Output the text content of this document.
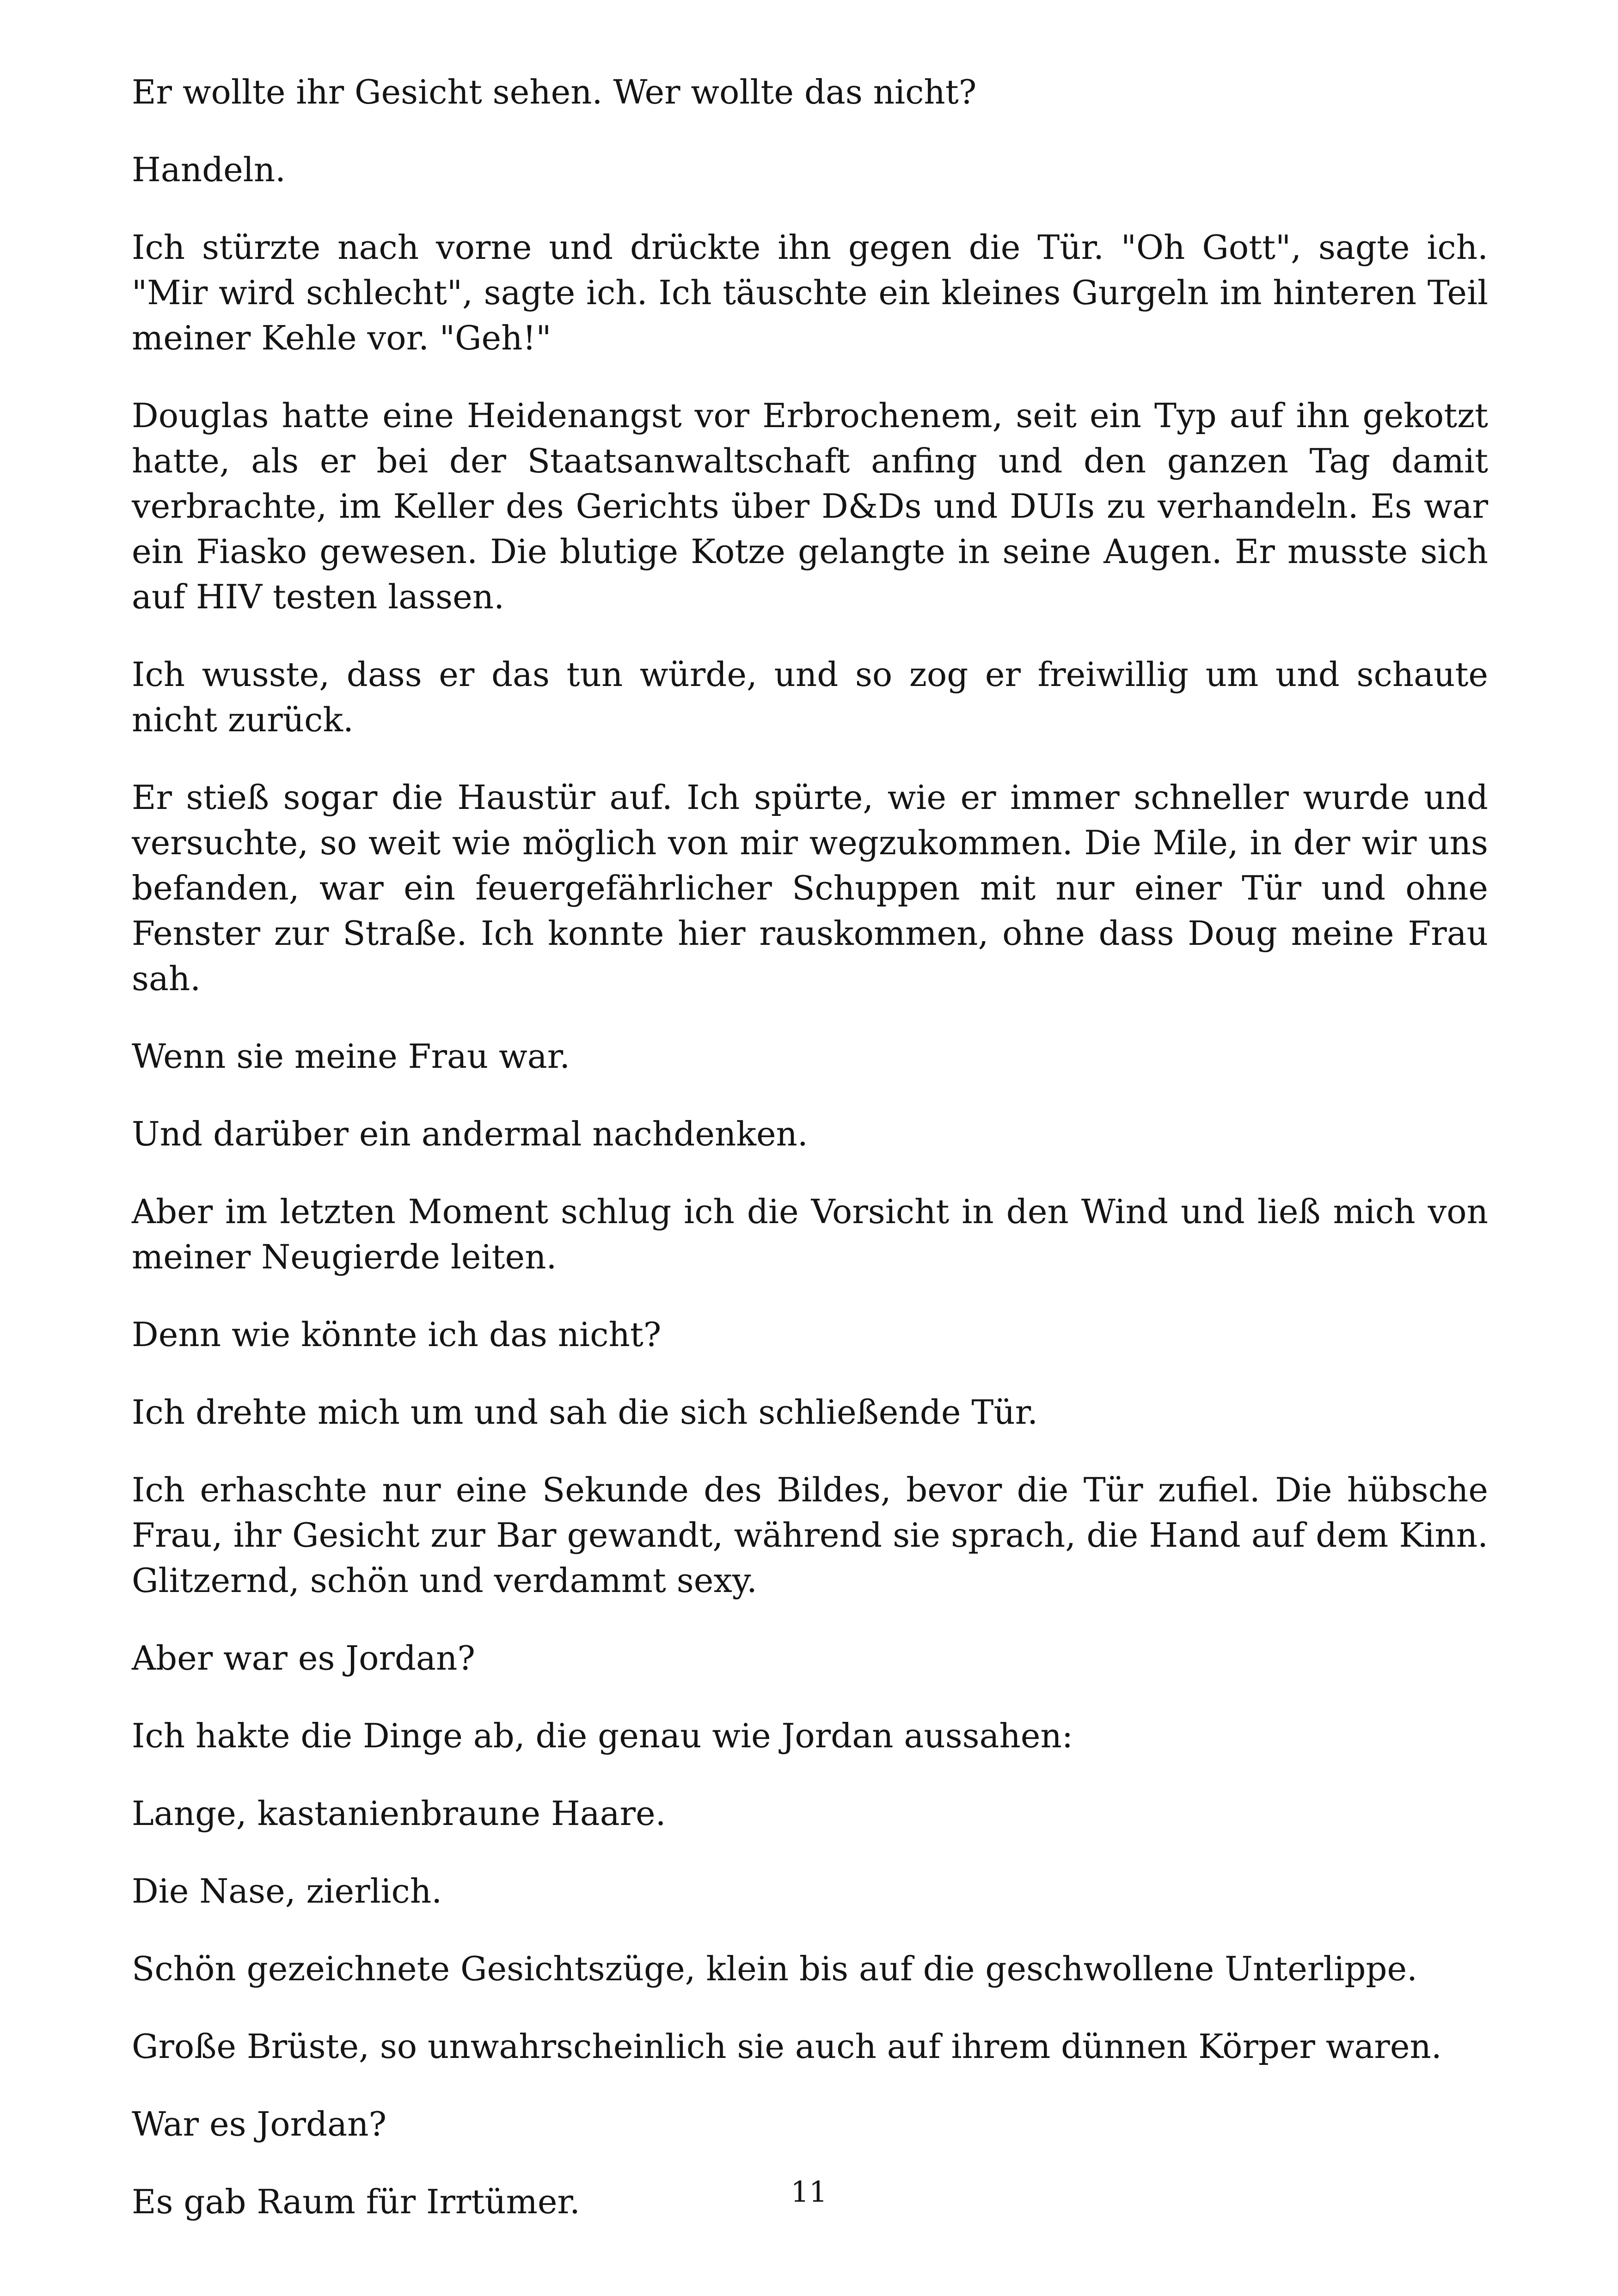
Er wollte ihr Gesicht sehen. Wer wollte das nicht?

Handeln.

Ich stürzte nach vorne und drückte ihn gegen die Tür. "Oh Gott", sagte ich. "Mir wird schlecht", sagte ich. Ich täuschte ein kleines Gurgeln im hinteren Teil meiner Kehle vor. "Geh!"

Douglas hatte eine Heidenangst vor Erbrochenem, seit ein Typ auf ihn gekotzt hatte, als er bei der Staatsanwaltschaft anfing und den ganzen Tag damit verbrachte, im Keller des Gerichts über D&Ds und DUIs zu verhandeln. Es war ein Fiasko gewesen. Die blutige Kotze gelangte in seine Augen. Er musste sich auf HIV testen lassen.

Ich wusste, dass er das tun würde, und so zog er freiwillig um und schaute nicht zurück.

Er stieß sogar die Haustür auf. Ich spürte, wie er immer schneller wurde und versuchte, so weit wie möglich von mir wegzukommen. Die Mile, in der wir uns befanden, war ein feuergefährlicher Schuppen mit nur einer Tür und ohne Fenster zur Straße. Ich konnte hier rauskommen, ohne dass Doug meine Frau sah.

Wenn sie meine Frau war.

Und darüber ein andermal nachdenken.

Aber im letzten Moment schlug ich die Vorsicht in den Wind und ließ mich von meiner Neugierde leiten.

Denn wie könnte ich das nicht?

Ich drehte mich um und sah die sich schließende Tür.

Ich erhaschte nur eine Sekunde des Bildes, bevor die Tür zufiel. Die hübsche Frau, ihr Gesicht zur Bar gewandt, während sie sprach, die Hand auf dem Kinn. Glitzernd, schön und verdammt sexy.

Aber war es Jordan?

Ich hakte die Dinge ab, die genau wie Jordan aussahen:

Lange, kastanienbraune Haare.

Die Nase, zierlich.

Schön gezeichnete Gesichtszüge, klein bis auf die geschwollene Unterlippe.

Große Brüste, so unwahrscheinlich sie auch auf ihrem dünnen Körper waren.

War es Jordan?

Es gab Raum für Irrtümer.	11
